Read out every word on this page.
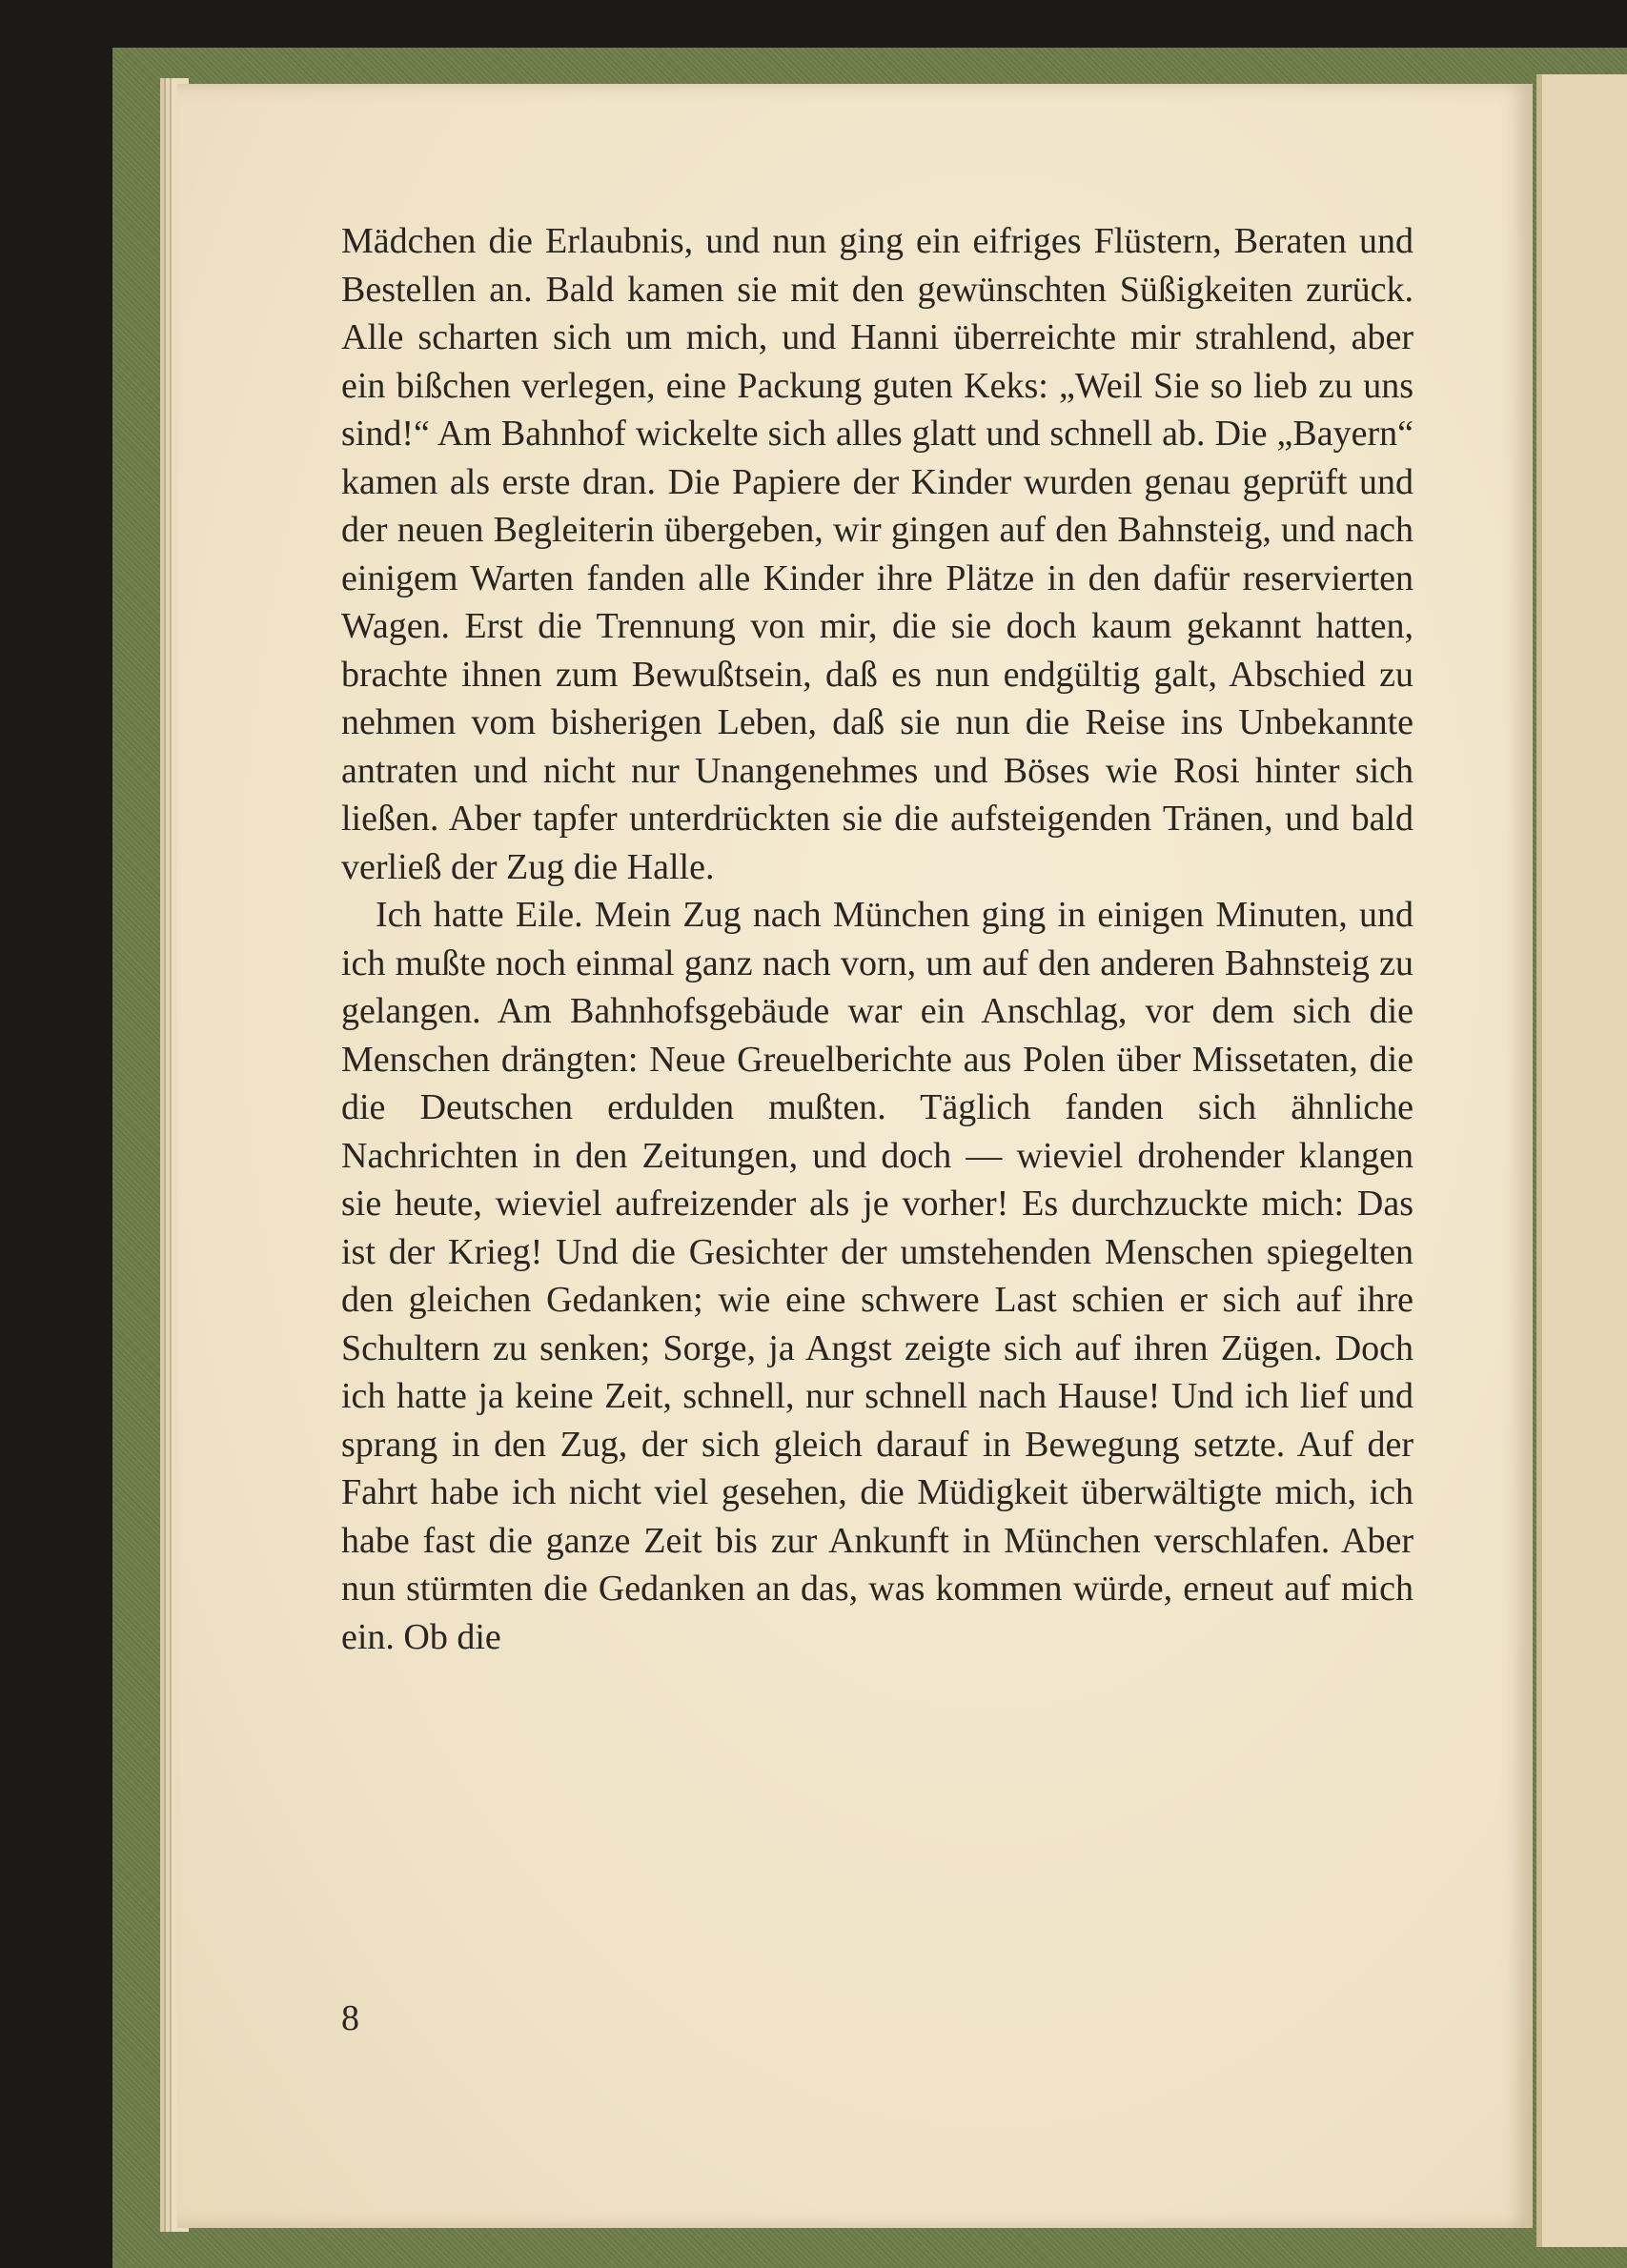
Mädchen die Erlaubnis, und nun ging ein eifriges Flüstern, Beraten und Bestellen an. Bald kamen sie mit den gewünschten Süßigkeiten zurück. Alle scharten sich um mich, und Hanni überreichte mir strahlend, aber ein bißchen verlegen, eine Packung guten Keks: „Weil Sie so lieb zu uns sind!“ Am Bahnhof wickelte sich alles glatt und schnell ab. Die „Bayern“ kamen als erste dran. Die Papiere der Kinder wurden genau geprüft und der neuen Begleiterin übergeben, wir gingen auf den Bahnsteig, und nach einigem Warten fanden alle Kinder ihre Plätze in den dafür reservierten Wagen. Erst die Trennung von mir, die sie doch kaum gekannt hatten, brachte ihnen zum Bewußtsein, daß es nun endgültig galt, Abschied zu nehmen vom bisherigen Leben, daß sie nun die Reise ins Unbekannte antraten und nicht nur Unangenehmes und Böses wie Rosi hinter sich ließen. Aber tapfer unterdrückten sie die aufsteigenden Tränen, und bald verließ der Zug die Halle.

Ich hatte Eile. Mein Zug nach München ging in einigen Minuten, und ich mußte noch einmal ganz nach vorn, um auf den anderen Bahnsteig zu gelangen. Am Bahnhofsgebäude war ein Anschlag, vor dem sich die Menschen drängten: Neue Greuelberichte aus Polen über Missetaten, die die Deutschen erdulden mußten. Täglich fanden sich ähnliche Nachrichten in den Zeitungen, und doch — wieviel drohender klangen sie heute, wieviel aufreizender als je vorher! Es durchzuckte mich: Das ist der Krieg! Und die Gesichter der umstehenden Menschen spiegelten den gleichen Gedanken; wie eine schwere Last schien er sich auf ihre Schultern zu senken; Sorge, ja Angst zeigte sich auf ihren Zügen. Doch ich hatte ja keine Zeit, schnell, nur schnell nach Hause! Und ich lief und sprang in den Zug, der sich gleich darauf in Bewegung setzte. Auf der Fahrt habe ich nicht viel gesehen, die Müdigkeit überwältigte mich, ich habe fast die ganze Zeit bis zur Ankunft in München verschlafen. Aber nun stürmten die Gedanken an das, was kommen würde, erneut auf mich ein. Ob die

8
